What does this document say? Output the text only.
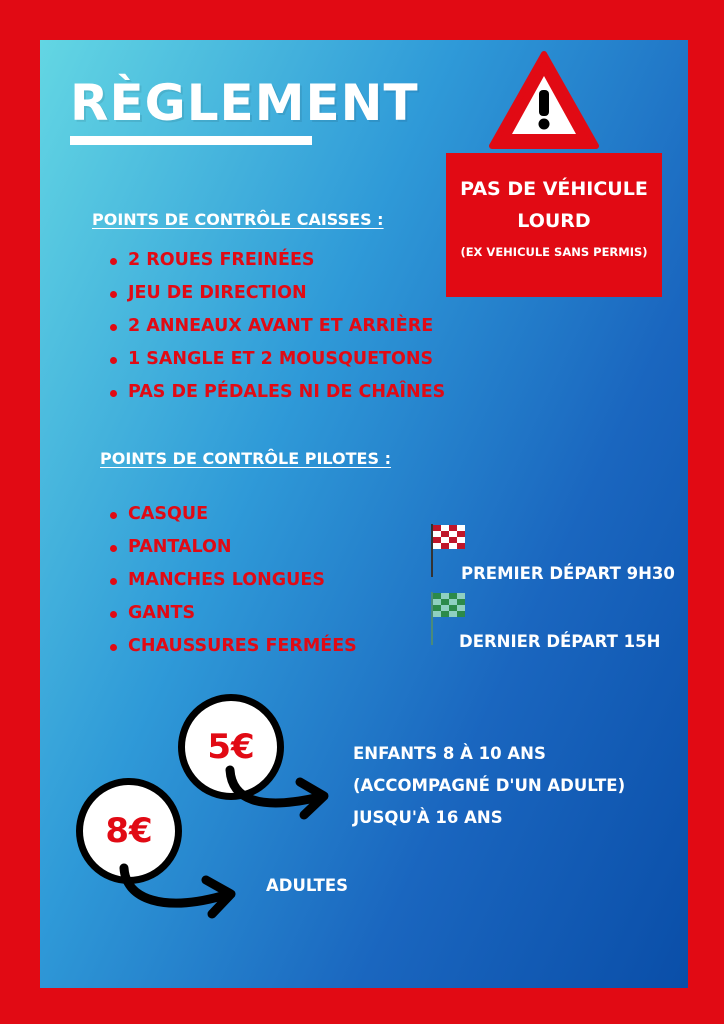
RÈGLEMENT
PAS DE VÉHICULE
LOURD
(EX VEHICULE SANS PERMIS)
POINTS DE CONTRÔLE CAISSES :
2 ROUES FREINÉES
JEU DE DIRECTION
2 ANNEAUX AVANT ET ARRIÈRE
1 SANGLE ET 2 MOUSQUETONS
PAS DE PÉDALES NI DE CHAÎNES
POINTS DE CONTRÔLE PILOTES :
CASQUE
PANTALON
MANCHES LONGUES
GANTS
CHAUSSURES FERMÉES
PREMIER DÉPART 9H30
DERNIER DÉPART 15H
5€	ENFANTS 8 À 10 ANS
(ACCOMPAGNÉ D'UN ADULTE)
JUSQU'À 16 ANS
8€
ADULTES
